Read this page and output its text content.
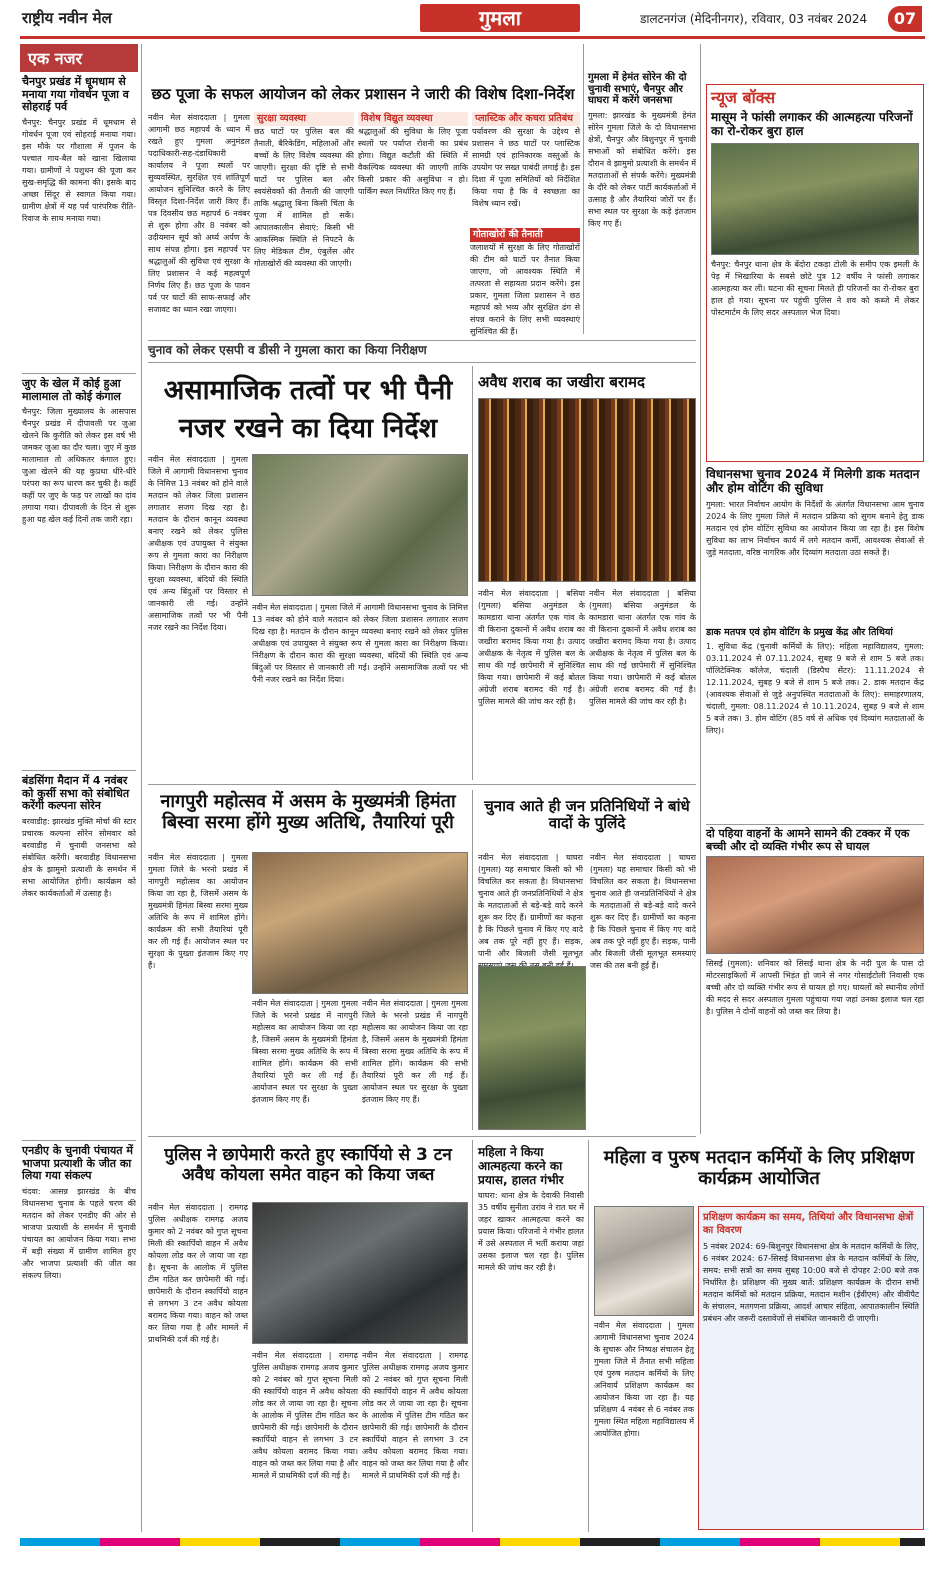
राष्ट्रीय नवीन मेल	गुमला	डालटनगंज (मेदिनीनगर), रविवार, 03 नवंबर 2024	07
एक नजर
चैनपुर प्रखंड में धूमधाम से मनाया गया गोवर्धन पूजा व सोहराई पर्व
चैनपुर: चैनपुर प्रखंड में धूमधाम से गोवर्धन पूजा एवं सोहराई मनाया गया। इस मौके पर गौशाला में पूजन के पश्चात गाय-बैल को खाना खिलाया गया। ग्रामीणों ने पशुधन की पूजा कर सुख-समृद्धि की कामना की। इसके बाद अच्छा सिंदूर से स्वागत किया गया। ग्रामीण क्षेत्रों में यह पर्व पारंपरिक रीति-रिवाज के साथ मनाया गया।
जुए के खेल में कोई हुआ मालामाल तो कोई कंगाल
चैनपुर: जिला मुख्यालय के आसपास चैनपुर प्रखंड में दीपावली पर जुआ खेलने कि कुरीति को लेकर इस वर्ष भी जमकर जुआ का दौर चला। जुए में कुछ मालामाल तो अधिकतर कंगाल हुए। जुआ खेलने की यह कुप्रथा धीरे-धीरे परंपरा का रूप धारण कर चुकी है। कहीं कहीं पर जुए के फड़ पर लाखों का दांव लगाया गया। दीपावली के दिन से शुरू हुआ यह खेल कई दिनों तक जारी रहा।
बंडसिंगा मैदान में 4 नवंबर को कुर्सी सभा को संबोधित करेंगी कल्पना सोरेन
बरवाडीह: झारखंड मुक्ति मोर्चा की स्टार प्रचारक कल्पना सोरेन सोमवार को बरवाडीह में चुनावी जनसभा को संबोधित करेंगी। बरवाडीह विधानसभा क्षेत्र के झामुमो प्रत्याशी के समर्थन में सभा आयोजित होगी। कार्यक्रम को लेकर कार्यकर्ताओं में उत्साह है।
एनडीए के चुनावी पंचायत में भाजपा प्रत्याशी के जीत का लिया गया संकल्प
चंदवा: आसन्न झारखंड के बीच विधानसभा चुनाव के पहले चरण की मतदान को लेकर एनडीए की ओर से भाजपा प्रत्याशी के समर्थन में चुनावी पंचायत का आयोजन किया गया। सभा में बड़ी संख्या में ग्रामीण शामिल हुए और भाजपा प्रत्याशी की जीत का संकल्प लिया।
छठ पूजा के सफल आयोजन को लेकर प्रशासन ने जारी की विशेष दिशा-निर्देश
नवीन मेल संवाददाता | गुमला आगामी छठ महापर्व के ध्यान में रखते हुए गुमला अनुमंडल पदाधिकारी-सह-दंडाधिकारी कार्यालय ने पूजा स्थलों पर सुव्यवस्थित, सुरक्षित एवं शांतिपूर्ण आयोजन सुनिश्चित करने के लिए विस्तृत दिशा-निर्देश जारी किए हैं। पत्र दिवसीय छठ महापर्व 6 नवंबर से शुरू होगा और 8 नवंबर को उदीयमान सूर्य को अर्घ्य अर्पण के साथ संपन्न होगा। इस महापर्व पर श्रद्धालुओं की सुविधा एवं सुरक्षा के लिए प्रशासन ने कई महत्वपूर्ण निर्णय लिए हैं। छठ पूजा के पावन पर्व पर घाटों की साफ-सफाई और सजावट का ध्यान रखा जाएगा।
सुरक्षा व्यवस्था
छठ घाटों पर पुलिस बल की तैनाती, बैरिकेडिंग, महिलाओं और बच्चों के लिए विशेष व्यवस्था की जाएगी। सुरक्षा की दृष्टि से सभी घाटों पर पुलिस बल और स्वयंसेवकों की तैनाती की जाएगी ताकि श्रद्धालु बिना किसी चिंता के पूजा में शामिल हो सकें। आपातकालीन सेवाएं: किसी भी आकस्मिक स्थिति से निपटने के लिए मेडिकल टीम, एंबुलेंस और गोताखोरों की व्यवस्था की जाएगी।
विशेष विद्युत व्यवस्था
श्रद्धालुओं की सुविधा के लिए पूजा स्थलों पर पर्याप्त रोशनी का प्रबंध होगा। विद्युत कटौती की स्थिति में वैकल्पिक व्यवस्था की जाएगी ताकि किसी प्रकार की असुविधा न हो। पार्किंग स्थल निर्धारित किए गए हैं।
प्लास्टिक और कचरा प्रतिबंध
पर्यावरण की सुरक्षा के उद्देश्य से प्रशासन ने छठ घाटों पर प्लास्टिक सामग्री एवं हानिकारक वस्तुओं के उपयोग पर सख्त पाबंदी लगाई है। इस दिशा में पूजा समितियों को निर्देशित किया गया है कि वे स्वच्छता का विशेष ध्यान रखें।
गोताखोरों की तैनाती
जलाशयों में सुरक्षा के लिए गोताखोरों की टीम को घाटों पर तैनात किया जाएगा, जो आवश्यक स्थिति में तत्परता से सहायता प्रदान करेंगे। इस प्रकार, गुमला जिला प्रशासन ने छठ महापर्व को भव्य और सुरक्षित ढंग से संपन्न कराने के लिए सभी व्यवस्थाएं सुनिश्चित की हैं।
गुमला में हेमंत सोरेन की दो चुनावी सभाएं, चैनपुर और घाघरा में करेंगे जनसभा
गुमला: झारखंड के मुख्यमंत्री हेमंत सोरेन गुमला जिले के दो विधानसभा क्षेत्रों, चैनपुर और बिशुनपुर में चुनावी सभाओं को संबोधित करेंगे। इस दौरान वे झामुमो प्रत्याशी के समर्थन में मतदाताओं से संपर्क करेंगे। मुख्यमंत्री के दौरे को लेकर पार्टी कार्यकर्ताओं में उत्साह है और तैयारियां जोरों पर हैं। सभा स्थल पर सुरक्षा के कड़े इंतजाम किए गए हैं।
चुनाव को लेकर एसपी व डीसी ने गुमला कारा का किया निरीक्षण
असामाजिक तत्वों पर भी पैनी नजर रखने का दिया निर्देश
नवीन मेल संवाददाता | गुमला जिले में आगामी विधानसभा चुनाव के निमित्त 13 नवंबर को होने वाले मतदान को लेकर जिला प्रशासन लगातार सजग दिख रहा है। मतदान के दौरान कानून व्यवस्था बनाए रखने को लेकर पुलिस अधीक्षक एवं उपायुक्त ने संयुक्त रूप से गुमला कारा का निरीक्षण किया। निरीक्षण के दौरान कारा की सुरक्षा व्यवस्था, बंदियों की स्थिति एवं अन्य बिंदुओं पर विस्तार से जानकारी ली गई। उन्होंने असामाजिक तत्वों पर भी पैनी नजर रखने का निर्देश दिया।
नवीन मेल संवाददाता | गुमला जिले में आगामी विधानसभा चुनाव के निमित्त 13 नवंबर को होने वाले मतदान को लेकर जिला प्रशासन लगातार सजग दिख रहा है। मतदान के दौरान कानून व्यवस्था बनाए रखने को लेकर पुलिस अधीक्षक एवं उपायुक्त ने संयुक्त रूप से गुमला कारा का निरीक्षण किया। निरीक्षण के दौरान कारा की सुरक्षा व्यवस्था, बंदियों की स्थिति एवं अन्य बिंदुओं पर विस्तार से जानकारी ली गई। उन्होंने असामाजिक तत्वों पर भी पैनी नजर रखने का निर्देश दिया।
अवैध शराब का जखीरा बरामद
नवीन मेल संवाददाता | बसिया (गुमला) बसिया अनुमंडल के कामडारा थाना अंतर्गत एक गांव के वी किराना दुकानों में अवैध शराब का जखीरा बरामद किया गया है। उत्पाद अधीक्षक के नेतृत्व में पुलिस बल के साथ की गई छापेमारी में सुनिश्चित किया गया। छापेमारी में कई बोतल अंग्रेजी शराब बरामद की गई है। पुलिस मामले की जांच कर रही है।
नवीन मेल संवाददाता | बसिया (गुमला) बसिया अनुमंडल के कामडारा थाना अंतर्गत एक गांव के वी किराना दुकानों में अवैध शराब का जखीरा बरामद किया गया है। उत्पाद अधीक्षक के नेतृत्व में पुलिस बल के साथ की गई छापेमारी में सुनिश्चित किया गया। छापेमारी में कई बोतल अंग्रेजी शराब बरामद की गई है। पुलिस मामले की जांच कर रही है।
नागपुरी महोत्सव में असम के मुख्यमंत्री हिमंता बिस्वा सरमा होंगे मुख्य अतिथि, तैयारियां पूरी
नवीन मेल संवाददाता | गुमला गुमला जिले के भरनो प्रखंड में नागपुरी महोत्सव का आयोजन किया जा रहा है, जिसमें असम के मुख्यमंत्री हिमंता बिस्वा सरमा मुख्य अतिथि के रूप में शामिल होंगे। कार्यक्रम की सभी तैयारियां पूरी कर ली गई हैं। आयोजन स्थल पर सुरक्षा के पुख्ता इंतजाम किए गए हैं।
नवीन मेल संवाददाता | गुमला गुमला जिले के भरनो प्रखंड में नागपुरी महोत्सव का आयोजन किया जा रहा है, जिसमें असम के मुख्यमंत्री हिमंता बिस्वा सरमा मुख्य अतिथि के रूप में शामिल होंगे। कार्यक्रम की सभी तैयारियां पूरी कर ली गई हैं। आयोजन स्थल पर सुरक्षा के पुख्ता इंतजाम किए गए हैं।
नवीन मेल संवाददाता | गुमला गुमला जिले के भरनो प्रखंड में नागपुरी महोत्सव का आयोजन किया जा रहा है, जिसमें असम के मुख्यमंत्री हिमंता बिस्वा सरमा मुख्य अतिथि के रूप में शामिल होंगे। कार्यक्रम की सभी तैयारियां पूरी कर ली गई हैं। आयोजन स्थल पर सुरक्षा के पुख्ता इंतजाम किए गए हैं।
चुनाव आते ही जन प्रतिनिधियों ने बांधे वादों के पुलिंदे
नवीन मेल संवाददाता | घाघरा (गुमला) यह समाचार किसी को भी विचलित कर सकता है। विधानसभा चुनाव आते ही जनप्रतिनिधियों ने क्षेत्र के मतदाताओं से बड़े-बड़े वादे करने शुरू कर दिए हैं। ग्रामीणों का कहना है कि पिछले चुनाव में किए गए वादे अब तक पूरे नहीं हुए हैं। सड़क, पानी और बिजली जैसी मूलभूत
नवीन मेल संवाददाता | घाघरा (गुमला) यह समाचार किसी को भी विचलित कर सकता है। विधानसभा चुनाव आते ही जनप्रतिनिधियों ने क्षेत्र के मतदाताओं से बड़े-बड़े वादे करने शुरू कर दिए हैं। ग्रामीणों का कहना है कि पिछले चुनाव में किए गए वादे अब तक पूरे नहीं हुए हैं। सड़क, पानी और बिजली जैसी मूलभूत समस्याएं जस की तस बनी हुई हैं।
पुलिस ने छापेमारी करते हुए स्कार्पियो से 3 टन अवैध कोयला समेत वाहन को किया जब्त
नवीन मेल संवाददाता | रामगढ़ पुलिस अधीक्षक रामगढ़ अजय कुमार को 2 नवंबर को गुप्त सूचना मिली की स्कार्पियो वाहन में अवैध कोयला लोड कर ले जाया जा रहा है। सूचना के आलोक में पुलिस टीम गठित कर छापेमारी की गई। छापेमारी के दौरान स्कार्पियो वाहन से लगभग 3 टन अवैध कोयला बरामद किया गया। वाहन को जब्त कर लिया गया है और मामले में प्राथमिकी दर्ज की गई है।
नवीन मेल संवाददाता | रामगढ़ पुलिस अधीक्षक रामगढ़ अजय कुमार को 2 नवंबर को गुप्त सूचना मिली की स्कार्पियो वाहन में अवैध कोयला लोड कर ले जाया जा रहा है। सूचना के आलोक में पुलिस टीम गठित कर छापेमारी की गई। छापेमारी के दौरान स्कार्पियो वाहन से लगभग 3 टन अवैध कोयला बरामद किया गया। वाहन को जब्त कर लिया गया है और मामले में प्राथमिकी दर्ज की गई है।
नवीन मेल संवाददाता | रामगढ़ पुलिस अधीक्षक रामगढ़ अजय कुमार को 2 नवंबर को गुप्त सूचना मिली की स्कार्पियो वाहन में अवैध कोयला लोड कर ले जाया जा रहा है। सूचना के आलोक में पुलिस टीम गठित कर छापेमारी की गई। छापेमारी के दौरान स्कार्पियो वाहन से लगभग 3 टन अवैध कोयला बरामद किया गया। वाहन को जब्त कर लिया गया है और मामले में प्राथमिकी दर्ज की गई है।
महिला ने किया आत्महत्या करने का प्रयास, हालत गंभीर
घाघरा: थाना क्षेत्र के देवाकी निवासी 35 वर्षीय सुनीता उरांव ने रात घर में जहर खाकर आत्महत्या करने का प्रयास किया। परिजनों ने गंभीर हालत में उसे अस्पताल में भर्ती कराया जहां उसका इलाज चल रहा है। पुलिस मामले की जांच कर रही है।
महिला व पुरुष मतदान कर्मियों के लिए प्रशिक्षण कार्यक्रम आयोजित
नवीन मेल संवाददाता | गुमला आगामी विधानसभा चुनाव 2024 के सुचारू और निष्पक्ष संचालन हेतु गुमला जिले में तैनात सभी महिला एवं पुरुष मतदान कर्मियों के लिए अनिवार्य प्रशिक्षण कार्यक्रम का आयोजन किया जा रहा है। यह प्रशिक्षण 4 नवंबर से 6 नवंबर तक गुमला स्थित महिला महाविद्यालय में आयोजित होगा।
प्रशिक्षण कार्यक्रम का समय, तिथियां और विधानसभा क्षेत्रों का विवरण
5 नवंबर 2024: 69-बिशुनपुर विधानसभा क्षेत्र के मतदान कर्मियों के लिए, 6 नवंबर 2024: 67-सिसई विधानसभा क्षेत्र के मतदान कर्मियों के लिए, समय: सभी सत्रों का समय सुबह 10:00 बजे से दोपहर 2:00 बजे तक निर्धारित है। प्रशिक्षण की मुख्य बातें: प्रशिक्षण कार्यक्रम के दौरान सभी मतदान कर्मियों को मतदान प्रक्रिया, मतदान मशीन (ईवीएम) और वीवीपैट के संचालन, मतगणना प्रक्रिया, आदर्श आचार संहिता, आपातकालीन स्थिति प्रबंधन और जरूरी दस्तावेजों से संबंधित जानकारी दी जाएगी।
न्यूज बॉक्स
मासूम ने फांसी लगाकर की आत्महत्या परिजनों का रो-रोकर बुरा हाल
चैनपुर: चैनपुर थाना क्षेत्र के बेंदोरा टकड़ा टोली के समीप एक इमली के पेड़ में भिखारिया के सबसे छोटे पुत्र 12 वर्षीय ने फांसी लगाकर आत्महत्या कर ली। घटना की सूचना मिलते ही परिजनों का रो-रोकर बुरा हाल हो गया। सूचना पर पहुंची पुलिस ने शव को कब्जे में लेकर पोस्टमार्टम के लिए सदर अस्पताल भेज दिया।
विधानसभा चुनाव 2024 में मिलेगी डाक मतदान और होम वोटिंग की सुविधा
गुमला: भारत निर्वाचन आयोग के निर्देशों के अंतर्गत विधानसभा आम चुनाव 2024 के लिए गुमला जिले में मतदान प्रक्रिया को सुगम बनाने हेतु डाक मतदान एवं होम वोटिंग सुविधा का आयोजन किया जा रहा है। इस विशेष सुविधा का लाभ निर्वाचन कार्य में लगे मतदान कर्मी, आवश्यक सेवाओं से जुड़े मतदाता, वरिष्ठ नागरिक और दिव्यांग मतदाता उठा सकते हैं।
डाक मतपत्र एवं होम वोटिंग के प्रमुख केंद्र और तिथियां
1. सुविधा केंद्र (चुनावी कर्मियों के लिए): महिला महाविद्यालय, गुमला: 03.11.2024 से 07.11.2024, सुबह 9 बजे से शाम 5 बजे तक। पॉलिटेक्निक कॉलेज, चंदाली (डिस्पैच सेंटर): 11.11.2024 से 12.11.2024, सुबह 9 बजे से शाम 5 बजे तक। 2. डाक मतदान केंद्र (आवश्यक सेवाओं से जुड़े अनुपस्थित मतदाताओं के लिए): समाहरणालय, चंदाली, गुमला: 08.11.2024 से 10.11.2024, सुबह 9 बजे से शाम 5 बजे तक। 3. होम वोटिंग (85 वर्ष से अधिक एवं दिव्यांग मतदाताओं के लिए)।
दो पहिया वाहनों के आमने सामने की टक्कर में एक बच्ची और दो व्यक्ति गंभीर रूप से घायल
सिसई (गुमला): शनिवार को सिसई थाना क्षेत्र के नदी पुल के पास दो मोटरसाइकिलों में आपसी भिड़ंत हो जाने से नगर गोसाईटोली निवासी एक बच्ची और दो व्यक्ति गंभीर रूप से घायल हो गए। घायलों को स्थानीय लोगों की मदद से सदर अस्पताल गुमला पहुंचाया गया जहां उनका इलाज चल रहा है। पुलिस ने दोनों वाहनों को जब्त कर लिया है।
